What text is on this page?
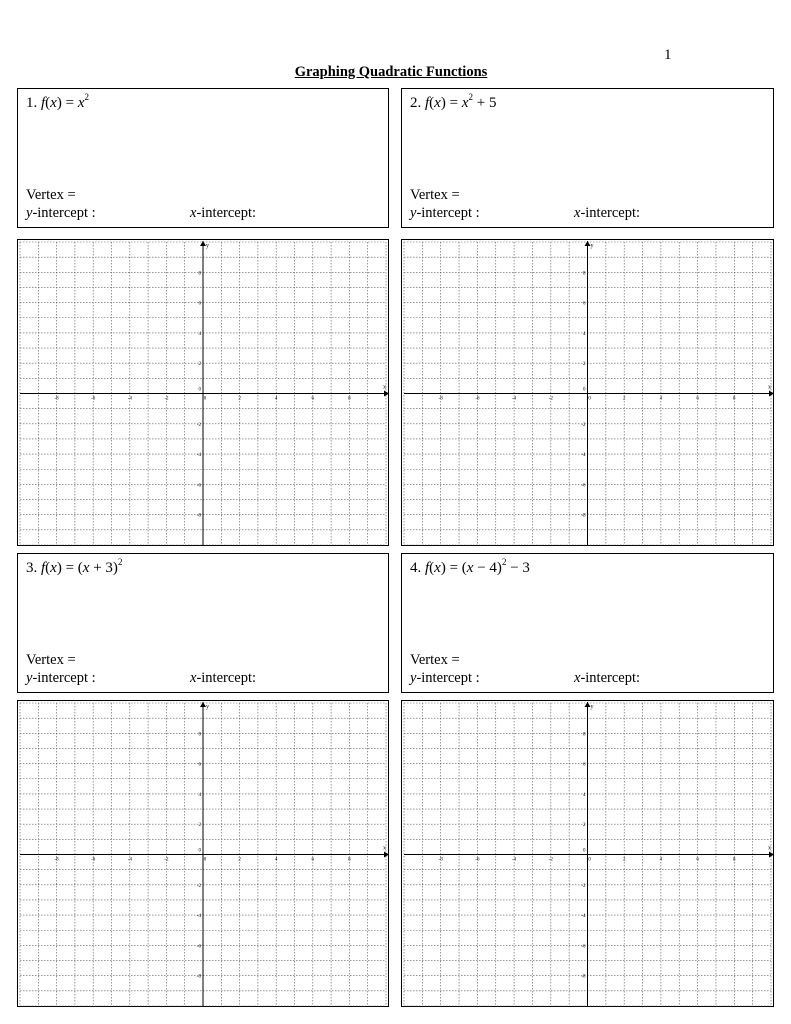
1
Graphing Quadratic Functions
1. $f(x) = x^2$
Vertex =
y-intercept :	x-intercept:
2. $f(x) = x^2 + 5$
Vertex =
y-intercept :	x-intercept:
3. $f(x) = (x + 3)^2$
Vertex =
y-intercept :	x-intercept:
4. $f(x) = (x - 4)^2 - 3$
Vertex =
y-intercept :	x-intercept:
x
y
-8	-6	-4	-2	0	2	4	6	8
8
6
4
2
0
-2
-4
-6
-8
x
y
-8	-6	-4	-2	0	2	4	6	8
8
6
4
2
0
-2
-4
-6
-8
x
y
-8	-6	-4	-2	0	2	4	6	8
8
6
4
2
0
-2
-4
-6
-8
x
y
-8	-6	-4	-2	0	2	4	6	8
8
6
4
2
0
-2
-4
-6
-8
